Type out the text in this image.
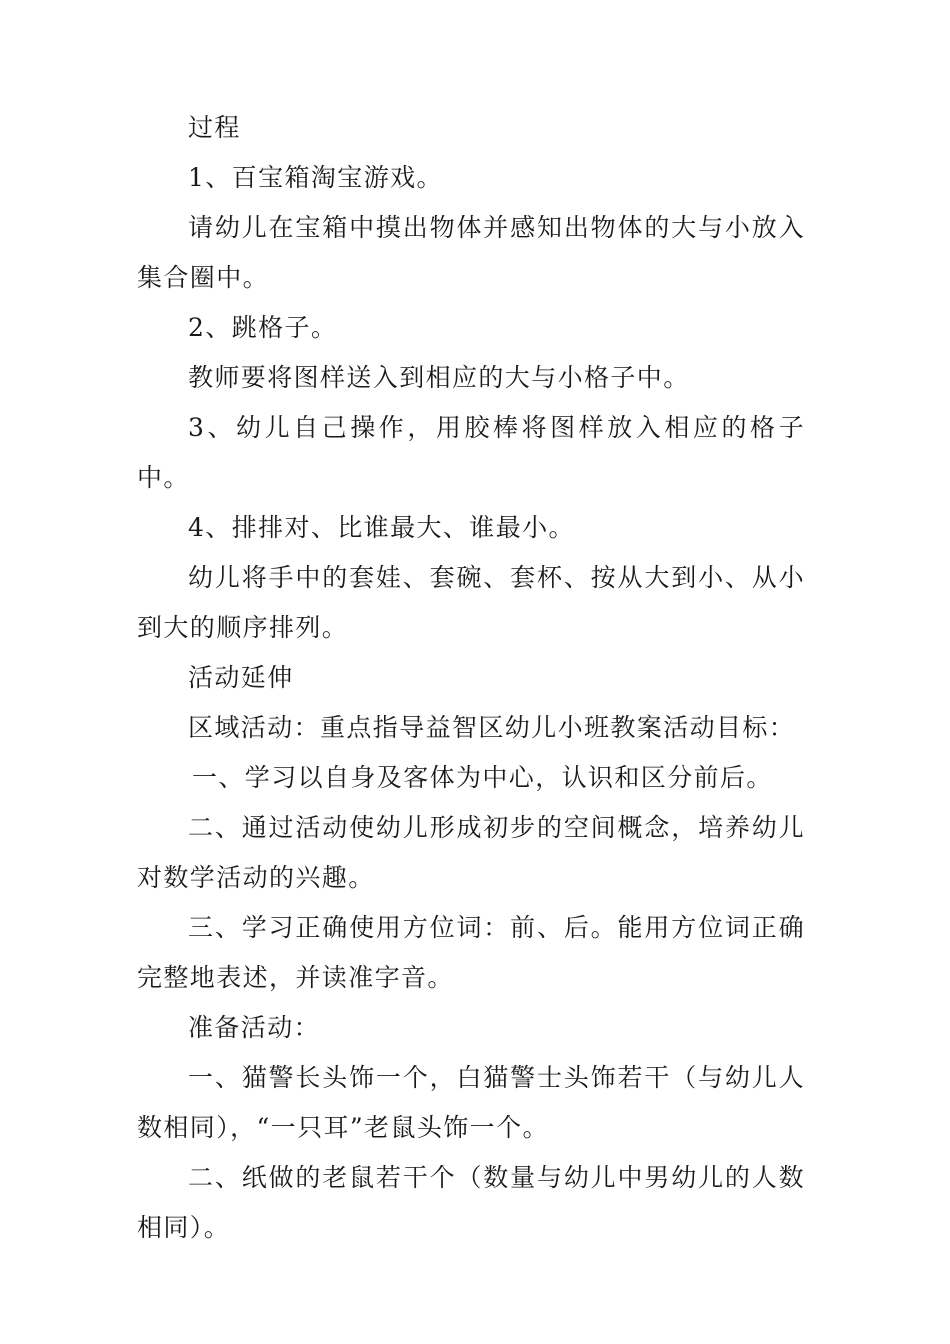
过程

1、百宝箱淘宝游戏。

请幼儿在宝箱中摸出物体并感知出物体的大与小放入集合圈中。

2、跳格子。

教师要将图样送入到相应的大与小格子中。

3、幼儿自己操作，用胶棒将图样放入相应的格子中。

4、排排对、比谁最大、谁最小。

幼儿将手中的套娃、套碗、套杯、按从大到小、从小到大的顺序排列。

活动延伸

区域活动：重点指导益智区幼儿小班教案活动目标：

一、学习以自身及客体为中心，认识和区分前后。

二、通过活动使幼儿形成初步的空间概念，培养幼儿对数学活动的兴趣。

三、学习正确使用方位词：前、后。能用方位词正确完整地表述，并读准字音。

准备活动：

一、猫警长头饰一个，白猫警士头饰若干（与幼儿人数相同），“一只耳”老鼠头饰一个。

二、纸做的老鼠若干个（数量与幼儿中男幼儿的人数相同）。
